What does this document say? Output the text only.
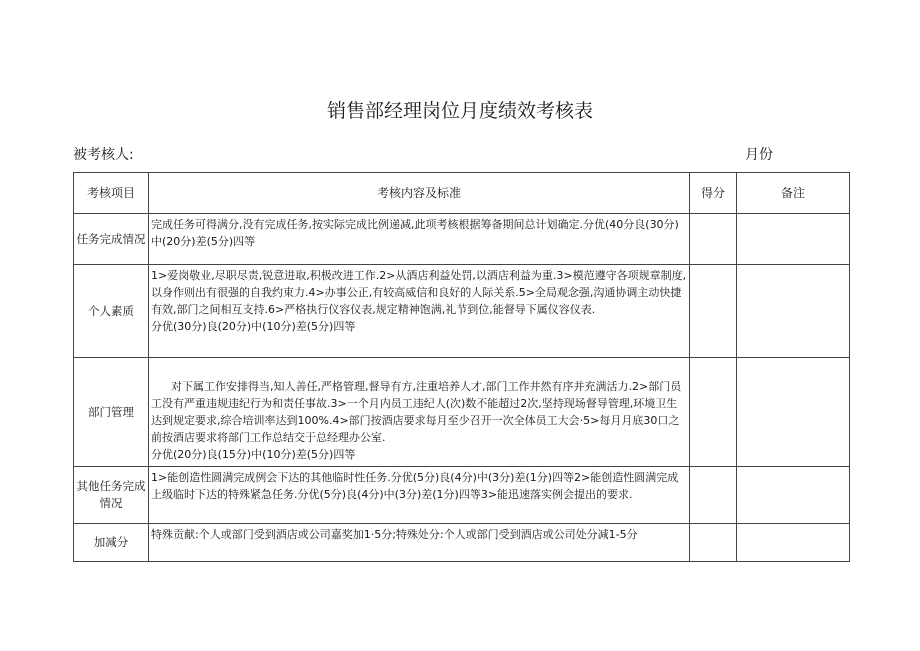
销售部经理岗位月度绩效考核表
被考核人:	月份
考核项目	考核内容及标准	得分	备注
任务完成情况	完成任务可得满分,没有完成任务,按实际完成比例递减,此项考核根据筹备期间总计划确定.分优(40分良(30分)中(20分)差(5分)四等		
个人素质	1>爱岗敬业,尽职尽责,锐意进取,积极改进工作.2>从酒店利益处罚,以酒店利益为重.3>模范遵守各项规章制度,以身作则出有很强的自我约束力.4>办事公正,有较高威信和良好的人际关系.5>全局观念强,沟通协调主动快捷有效,部门之间相互支持.6>严格执行仪容仪表,规定精神饱满,礼节到位,能督导下属仪容仪表.
分优(30分)良(20分)中(10分)差(5分)四等		

部门管理	对下属工作安排得当,知人善任,严格管理,督导有方,注重培养人才,部门工作井然有序并充满活力.2>部门员工没有严重违规违纪行为和责任事故.3>一个月内员工违纪人(次)数不能超过2次,坚持现场督导管理,环境卫生达到规定要求,综合培训率达到100%.4>部门按酒店要求每月至少召开一次全体员工大会·5>每月月底30口之前按酒店要求将部门工作总结交于总经理办公室.
分优(20分)良(15分)中(10分)差(5分)四等		

其他任务完成情况	1>能创造性圆满完成例会下达的其他临时性任务.分优(5分)良(4分)中(3分)差(1分)四等2>能创造性圆满完成上级临时下达的特殊紧急任务.分优(5分)良(4分)中(3分)差(1分)四等3>能迅速落实例会提出的要求.		
加减分	特殊贡献:个人或部门受到酒店或公司嘉奖加1·5分;特殊处分:个人或部门受到酒店或公司处分减1-5分		
